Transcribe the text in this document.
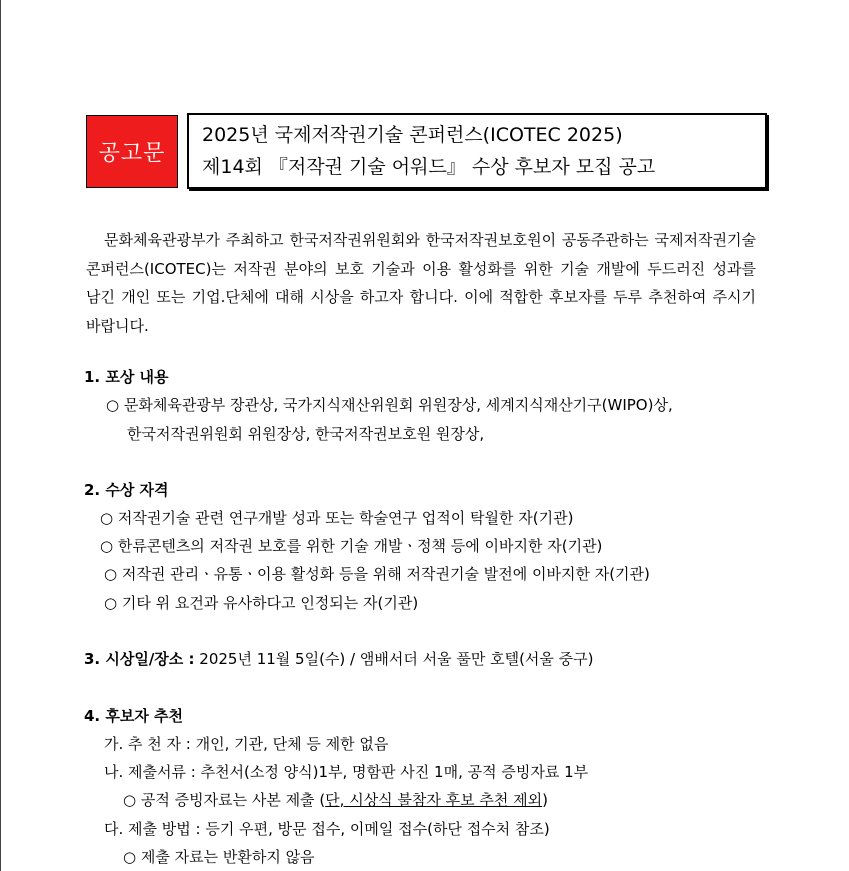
공고문
2025년 국제저작권기술 콘퍼런스(ICOTEC 2025)
제14회 『저작권 기술 어워드』 수상 후보자 모집 공고
문화체육관광부가 주최하고 한국저작권위원회와 한국저작권보호원이 공동주관하는 국제저작권기술 콘퍼런스(ICOTEC)는 저작권 분야의 보호 기술과 이용 활성화를 위한 기술 개발에 두드러진 성과를 남긴 개인 또는 기업.단체에 대해 시상을 하고자 합니다. 이에 적합한 후보자를 두루 추천하여 주시기 바랍니다.
1. 포상 내용
○ 문화체육관광부 장관상, 국가지식재산위원회 위원장상, 세계지식재산기구(WIPO)상,
한국저작권위원회 위원장상, 한국저작권보호원 원장상,
2. 수상 자격
○ 저작권기술 관련 연구개발 성과 또는 학술연구 업적이 탁월한 자(기관)
○ 한류콘텐츠의 저작권 보호를 위한 기술 개발ㆍ정책 등에 이바지한 자(기관)
○ 저작권 관리ㆍ유통ㆍ이용 활성화 등을 위해 저작권기술 발전에 이바지한 자(기관)
○ 기타 위 요건과 유사하다고 인정되는 자(기관)
3. 시상일/장소 : 2025년 11월 5일(수) / 앰배서더 서울 풀만 호텔(서울 중구)
4. 후보자 추천
가. 추 천 자 : 개인, 기관, 단체 등 제한 없음
나. 제출서류 : 추천서(소정 양식)1부, 명함판 사진 1매, 공적 증빙자료 1부
○ 공적 증빙자료는 사본 제출 (단, 시상식 불참자 후보 추천 제외)
다. 제출 방법 : 등기 우편, 방문 접수, 이메일 접수(하단 접수처 참조)
○ 제출 자료는 반환하지 않음
